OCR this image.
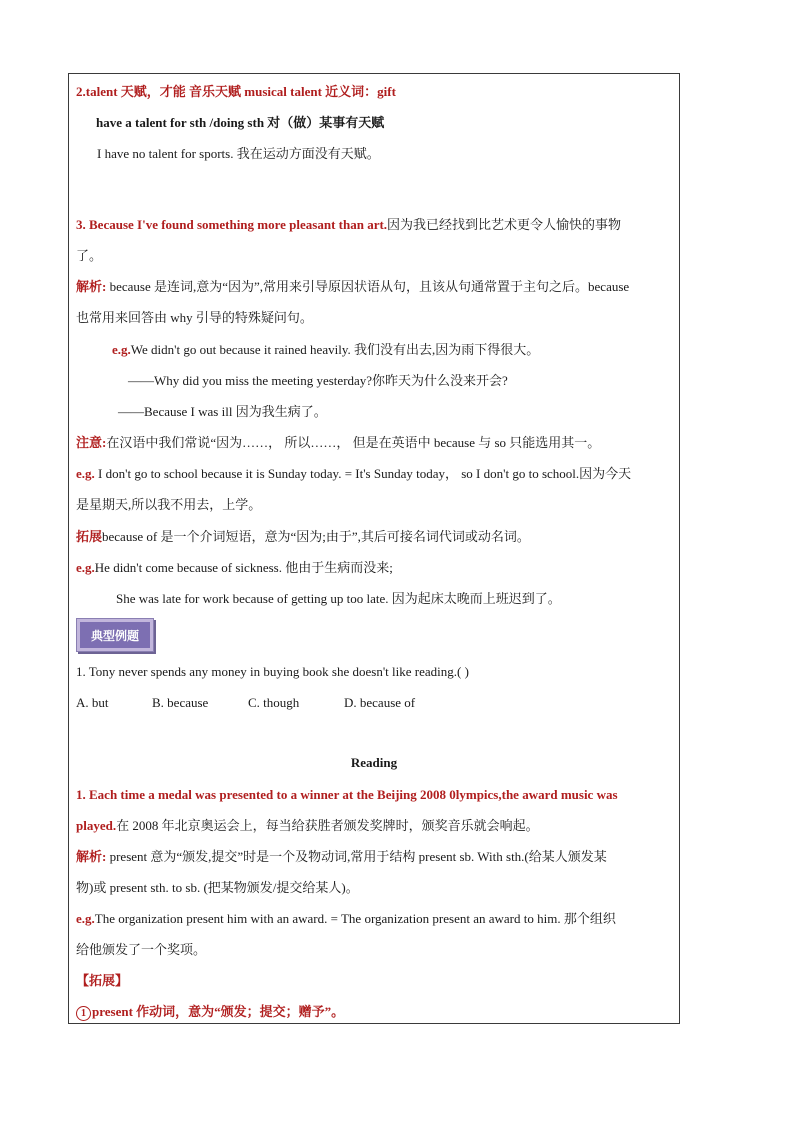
2.talent 天赋，才能 音乐天赋 musical talent 近义词：gift
have a talent for sth /doing sth 对（做）某事有天赋
I have no talent for sports. 我在运动方面没有天赋。
3. Because I've found something more pleasant than art.因为我已经找到比艺术更令人愉快的事物
了。
解析: because 是连词,意为“因为”,常用来引导原因状语从句，且该从句通常置于主句之后。because
也常用来回答由 why 引导的特殊疑问句。
e.g.We didn't go out because it rained heavily. 我们没有出去,因为雨下得很大。
——Why did you miss the meeting yesterday?你昨天为什么没来开会?
——Because I was ill 因为我生病了。
注意:在汉语中我们常说“因为……， 所以……， 但是在英语中 because 与 so 只能选用其一。
e.g. I don't go to school because it is Sunday today. = It's Sunday today， so I don't go to school.因为今天
是星期天,所以我不用去，上学。
拓展because of 是一个介词短语，意为“因为;由于”,其后可接名词代词或动名词。
e.g.He didn't come because of sickness. 他由于生病而没来;
She was late for work because of getting up too late. 因为起床太晚而上班迟到了。
典型例题
1. Tony never spends any money in buying book she doesn't like reading.( )
A. but	B. because	C. though	D. because of
Reading
1. Each time a medal was presented to a winner at the Beijing 2008 0lympics,the award music was
played.在 2008 年北京奥运会上，每当给获胜者颁发奖牌时，颁奖音乐就会响起。
解析: present 意为“颁发,提交”时是一个及物动词,常用于结构 present sb. With sth.(给某人颁发某
物)或 present sth. to sb. (把某物颁发/提交给某人)。
e.g.The organization present him with an award. = The organization present an award to him. 那个组织
给他颁发了一个奖项。
【拓展】
1 present 作动词，意为“颁发；提交；赠予”。
